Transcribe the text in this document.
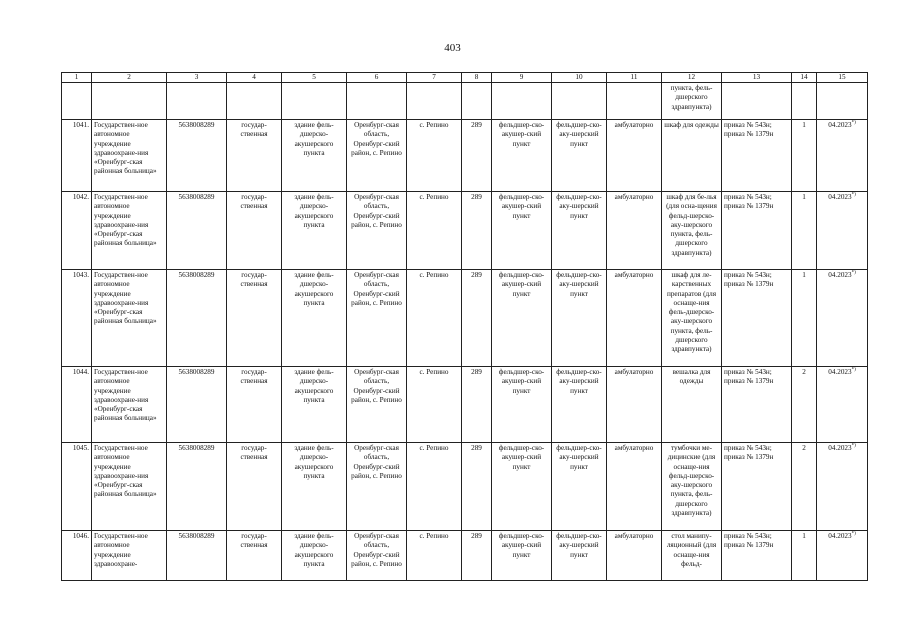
403
1	2	3	4	5	6	7	8	9	10	11	12	13	14	15
											пункта, фель-дшерского здравпункта)			
1041.	Государствен-ное автономное учреждение здравоохране-ния «Оренбург-ская районная больница»	5638008289	государ-ственная	здание фель-дшерско-акушерского пункта	Оренбург-ская область, Оренбург-ский район, с. Репино	с. Репино	289	фельдшер-ско-акушер-ский пункт	фельдшер-ско-аку-шерский пункт	амбулаторно	шкаф для одежды	приказ № 543н; приказ № 1379н	1	04.2023*)
1042.	Государствен-ное автономное учреждение здравоохране-ния «Оренбург-ская районная больница»	5638008289	государ-ственная	здание фель-дшерско-акушерского пункта	Оренбург-ская область, Оренбург-ский район, с. Репино	с. Репино	289	фельдшер-ско-акушер-ский пункт	фельдшер-ско-аку-шерский пункт	амбулаторно	шкаф для бе-лья (для осна-щения фельд-шерско-аку-шерского пункта, фель-дшерского здравпункта)	приказ № 543н; приказ № 1379н	1	04.2023*)
1043.	Государствен-ное автономное учреждение здравоохране-ния «Оренбург-ская районная больница»	5638008289	государ-ственная	здание фель-дшерско-акушерского пункта	Оренбург-ская область, Оренбург-ский район, с. Репино	с. Репино	289	фельдшер-ско-акушер-ский пункт	фельдшер-ско-аку-шерский пункт	амбулаторно	шкаф для ле-карственных препаратов (для оснаще-ния фель-дшерско-аку-шерского пункта, фель-дшерского здравпункта)	приказ № 543н; приказ № 1379н	1	04.2023*)
1044.	Государствен-ное автономное учреждение здравоохране-ния «Оренбург-ская районная больница»	5638008289	государ-ственная	здание фель-дшерско-акушерского пункта	Оренбург-ская область, Оренбург-ский район, с. Репино	с. Репино	289	фельдшер-ско-акушер-ский пункт	фельдшер-ско-аку-шерский пункт	амбулаторно	вешалка для одежды	приказ № 543н; приказ № 1379н	2	04.2023*)
1045.	Государствен-ное автономное учреждение здравоохране-ния «Оренбург-ская районная больница»	5638008289	государ-ственная	здание фель-дшерско-акушерского пункта	Оренбург-ская область, Оренбург-ский район, с. Репино	с. Репино	289	фельдшер-ско-акушер-ский пункт	фельдшер-ско-аку-шерский пункт	амбулаторно	тумбочки ме-дицинские (для оснаще-ния фельд-шерско-аку-шерского пункта, фель-дшерского здравпункта)	приказ № 543н; приказ № 1379н	2	04.2023*)
1046.	Государствен-ное автономное учреждение здравоохране-	5638008289	государ-ственная	здание фель-дшерско-акушерского пункта	Оренбург-ская область, Оренбург-ский район, с. Репино	с. Репино	289	фельдшер-ско-акушер-ский пункт	фельдшер-ско-аку-шерский пункт	амбулаторно	стол манипу-ляционный (для оснаще-ния фельд-	приказ № 543н; приказ № 1379н	1	04.2023*)
